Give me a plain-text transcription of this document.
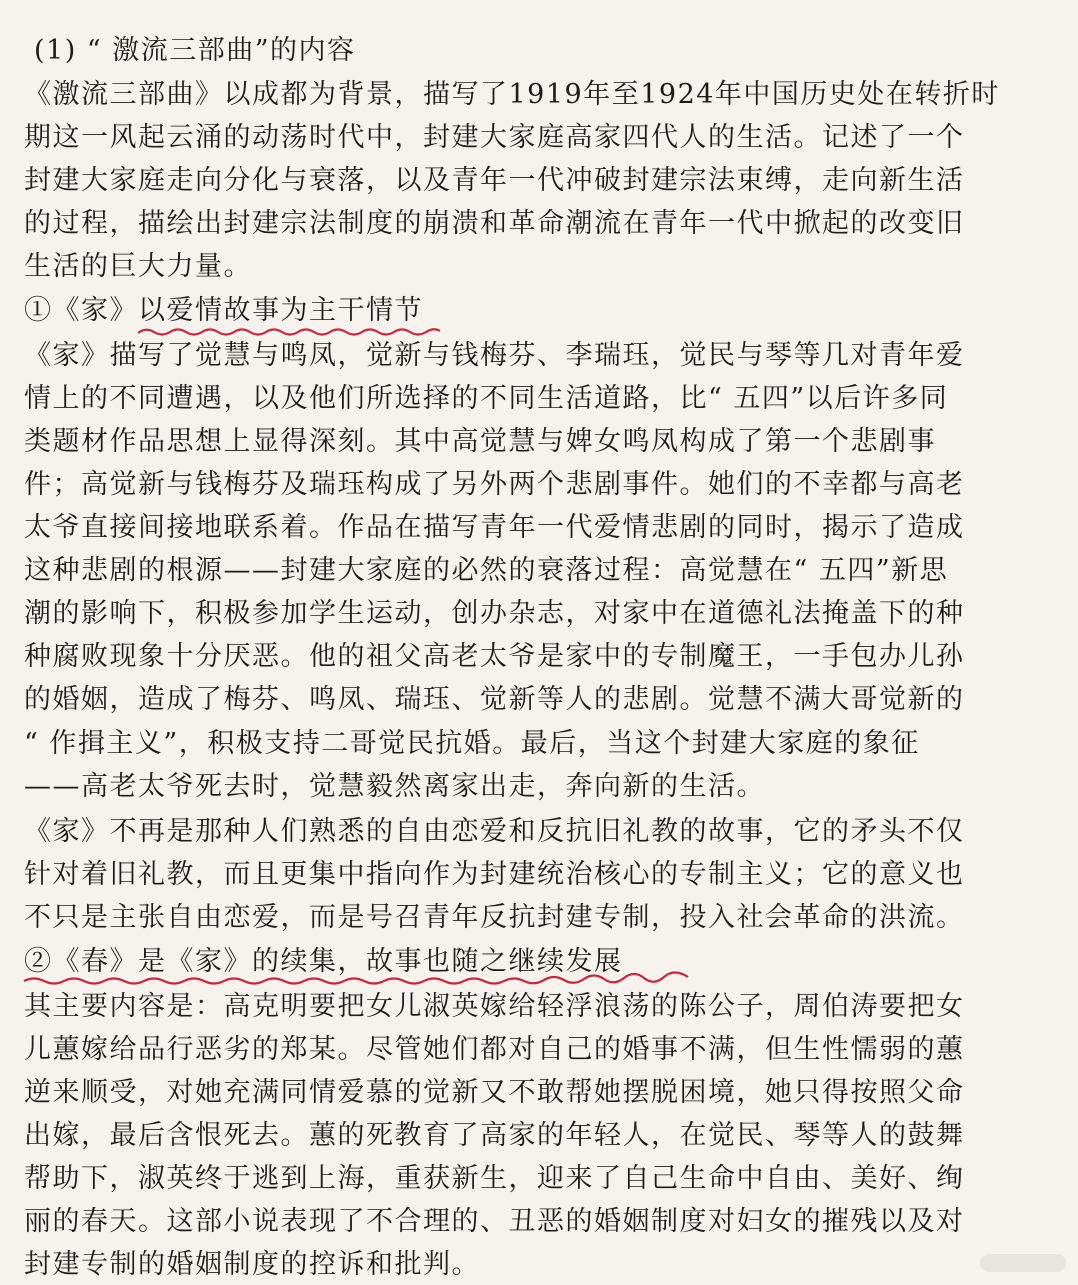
(1) “ 激流三部曲”的内容
《激流三部曲》以成都为背景，描写了1919年至1924年中国历史处在转折时
期这一风起云涌的动荡时代中，封建大家庭高家四代人的生活。记述了一个
封建大家庭走向分化与衰落，以及青年一代冲破封建宗法束缚，走向新生活
的过程，描绘出封建宗法制度的崩溃和革命潮流在青年一代中掀起的改变旧
生活的巨大力量。
①《家》以爱情故事为主干情节
《家》描写了觉慧与鸣凤，觉新与钱梅芬、李瑞珏，觉民与琴等几对青年爱
情上的不同遭遇，以及他们所选择的不同生活道路，比“ 五四”以后许多同
类题材作品思想上显得深刻。其中高觉慧与婢女鸣凤构成了第一个悲剧事
件；高觉新与钱梅芬及瑞珏构成了另外两个悲剧事件。她们的不幸都与高老
太爷直接间接地联系着。作品在描写青年一代爱情悲剧的同时，揭示了造成
这种悲剧的根源——封建大家庭的必然的衰落过程：高觉慧在“ 五四”新思
潮的影响下，积极参加学生运动，创办杂志，对家中在道德礼法掩盖下的种
种腐败现象十分厌恶。他的祖父高老太爷是家中的专制魔王，一手包办儿孙
的婚姻，造成了梅芬、鸣凤、瑞珏、觉新等人的悲剧。觉慧不满大哥觉新的
“ 作揖主义”，积极支持二哥觉民抗婚。最后，当这个封建大家庭的象征
——高老太爷死去时，觉慧毅然离家出走，奔向新的生活。
《家》不再是那种人们熟悉的自由恋爱和反抗旧礼教的故事，它的矛头不仅
针对着旧礼教，而且更集中指向作为封建统治核心的专制主义；它的意义也
不只是主张自由恋爱，而是号召青年反抗封建专制，投入社会革命的洪流。
②《春》是《家》的续集，故事也随之继续发展
其主要内容是：高克明要把女儿淑英嫁给轻浮浪荡的陈公子，周伯涛要把女
儿蕙嫁给品行恶劣的郑某。尽管她们都对自己的婚事不满，但生性懦弱的蕙
逆来顺受，对她充满同情爱慕的觉新又不敢帮她摆脱困境，她只得按照父命
出嫁，最后含恨死去。蕙的死教育了高家的年轻人，在觉民、琴等人的鼓舞
帮助下，淑英终于逃到上海，重获新生，迎来了自己生命中自由、美好、绚
丽的春天。这部小说表现了不合理的、丑恶的婚姻制度对妇女的摧残以及对
封建专制的婚姻制度的控诉和批判。
